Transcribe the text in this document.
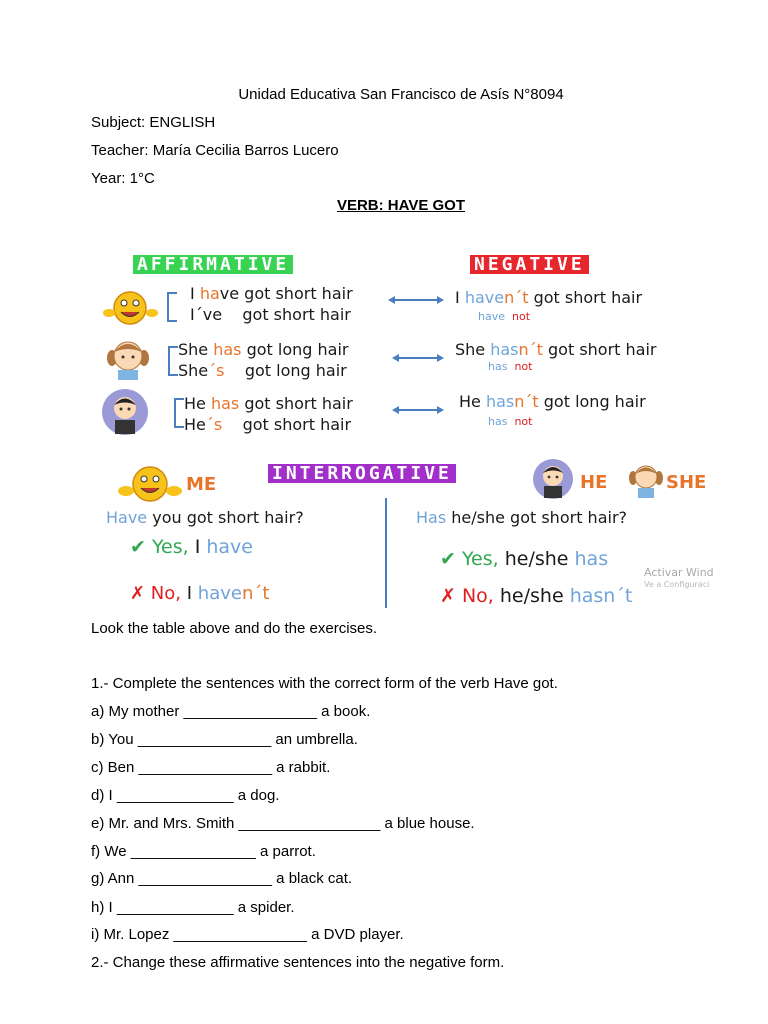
Unidad Educativa San Francisco de Asís N°8094
Subject: ENGLISH
Teacher: María Cecilia Barros Lucero
Year: 1°C
VERB: HAVE GOT
AFFIRMATIVE	NEGATIVE
I have got short hair
I´ve    got short hair
I haven´t got short hair
have not
She has got long hair
She´s    got long hair
She hasn´t got short hair
has not
He has got short hair
He´s    got short hair
He hasn´t got long hair
has not
ME
INTERROGATIVE	HE	SHE
Have you got short hair?
✔ Yes, I have
✗ No, I haven´t
Has he/she got short hair?
✔ Yes, he/she has
✗ No, he/she hasn´t
Activar Wind
Ve a Configuraci
Look the table above and do the exercises.
1.- Complete the sentences with the correct form of the verb Have got.
a) My mother ________________ a book.
b) You ________________ an umbrella.
c) Ben ________________ a rabbit.
d) I ______________ a dog.
e) Mr. and Mrs. Smith _________________ a blue house.
f) We _______________ a parrot.
g) Ann ________________ a black cat.
h) I ______________ a spider.
i) Mr. Lopez ________________ a DVD player.
2.- Change these affirmative sentences into the negative form.
